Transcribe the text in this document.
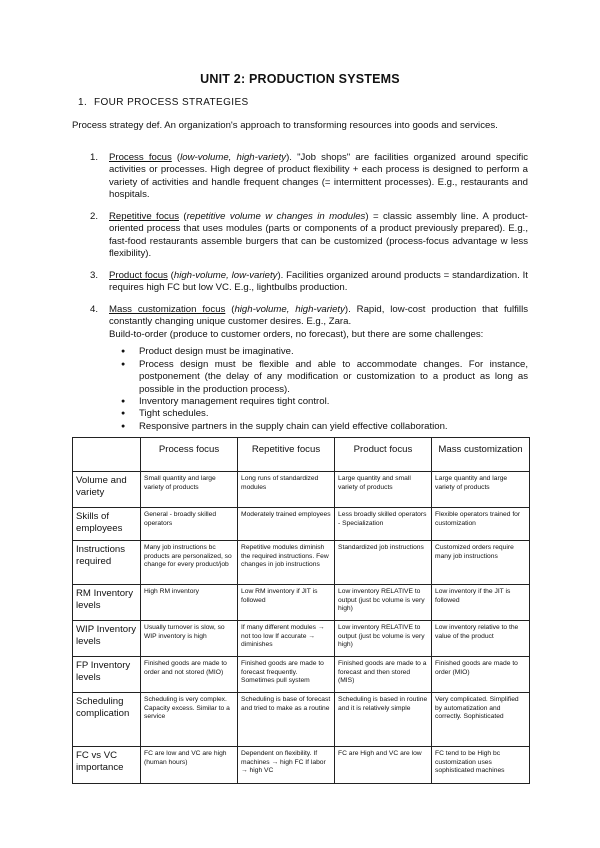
UNIT 2: PRODUCTION SYSTEMS
1. FOUR PROCESS STRATEGIES
Process strategy def. An organization's approach to transforming resources into goods and services.
1. Process focus (low-volume, high-variety). "Job shops" are facilities organized around specific activities or processes. High degree of product flexibility + each process is designed to perform a variety of activities and handle frequent changes (= intermittent processes). E.g., restaurants and hospitals.
2. Repetitive focus (repetitive volume w changes in modules) = classic assembly line. A product-oriented process that uses modules (parts or components of a product previously prepared). E.g., fast-food restaurants assemble burgers that can be customized (process-focus advantage w less flexibility).
3. Product focus (high-volume, low-variety). Facilities organized around products = standardization. It requires high FC but low VC. E.g., lightbulbs production.
4. Mass customization focus (high-volume, high-variety). Rapid, low-cost production that fulfills constantly changing unique customer desires. E.g., Zara.
Build-to-order (produce to customer orders, no forecast), but there are some challenges:
● Product design must be imaginative.
● Process design must be flexible and able to accommodate changes. For instance, postponement (the delay of any modification or customization to a product as long as possible in the production process).
● Inventory management requires tight control.
● Tight schedules.
● Responsive partners in the supply chain can yield effective collaboration.
	Process focus	Repetitive focus	Product focus	Mass customization
Volume and variety	Small quantity and large variety of products	Long runs of standardized modules	Large quantity and small variety of products	Large quantity and large variety of products
Skills of employees	General - broadly skilled operators	Moderately trained employees	Less broadly skilled operators - Specialization	Flexible operators trained for customization
Instructions required	Many job instructions bc products are personalized, so change for every product/job	Repetitive modules diminish the required instructions. Few changes in job instructions	Standardized job instructions	Customized orders require many job instructions
RM Inventory levels	High RM inventory	Low RM inventory if JIT is followed	Low inventory RELATIVE to output (just bc volume is very high)	Low inventory if the JIT is followed
WIP Inventory levels	Usually turnover is slow, so WIP inventory is high	If many different modules → not too low If accurate → diminishes	Low inventory RELATIVE to output (just bc volume is very high)	Low inventory relative to the value of the product
FP Inventory levels	Finished goods are made to order and not stored (MIO)	Finished goods are made to forecast frequently. Sometimes pull system	Finished goods are made to a forecast and then stored (MIS)	Finished goods are made to order (MIO)
Scheduling complication	Scheduling is very complex. Capacity excess. Similar to a service	Scheduling is base of forecast and tried to make as a routine	Scheduling is based in routine and it is relatively simple	Very complicated. Simplified by automatization and correctly. Sophisticated
FC vs VC importance	FC are low and VC are high (human hours)	Dependent on flexibility. If machines → high FC If labor → high VC	FC are High and VC are low	FC tend to be High bc customization uses sophisticated machines
